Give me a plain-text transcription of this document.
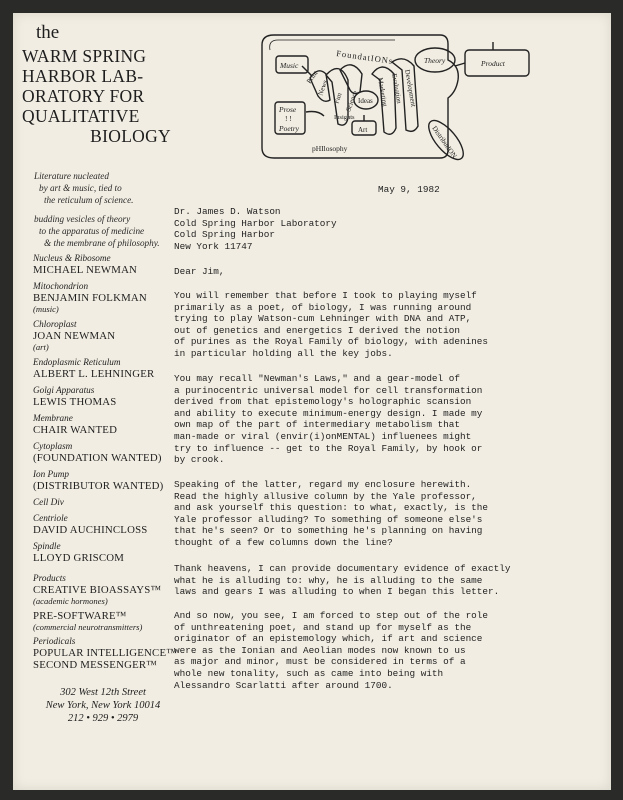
the
WARM SPRING
HARBOR LAB-
ORATORY FOR
QUALITATIVE
BIOLOGY
Literature nucleated
by art & music, tied to
the reticulum of science.
budding vesicles of theory
to the apparatus of medicine
& the membrane of philosophy.
Nucleus & Ribosome
MICHAEL NEWMAN
Mitochondrion
BENJAMIN FOLKMAN
(music)
Chloroplast
JOAN NEWMAN
(art)
Endoplasmic Reticulum
ALBERT L. LEHNINGER
Golgi Apparatus
LEWIS THOMAS
Membrane
CHAIR WANTED
Cytoplasm
(FOUNDATION WANTED)
Ion Pump
(DISTRIBUTOR WANTED)
Cell Div
Centriole
DAVID AUCHINCLOSS
Spindle
LLOYD GRISCOM
Products
CREATIVE BIOASSAYS™
(academic hormones)
PRE-SOFTWARE™
(commercial neurotransmitters)
Periodicals
POPULAR INTELLIGENCE™
SECOND MESSENGER™
302 West 12th Street
New York, New York 10014
212 • 929 • 2979
FoundatIONs
Music
Prose
! !
Poetry
Print
News
Fun Science
Insights
Ideas
Art
Marketing Evaluation Development
Theory	Product
DistributION
pHIlosophy
May 9, 1982
Dr. James D. Watson
Cold Spring Harbor Laboratory
Cold Spring Harbor
New York 11747
Dear Jim,
You will remember that before I took to playing myself
primarily as a poet, of biology, I was running around
trying to play Watson-cum Lehninger with DNA and ATP,
out of genetics and energetics I derived the notion
of purines as the Royal Family of biology, with adenines
in particular holding all the key jobs.
You may recall "Newman's Laws," and a gear-model of
a purinocentric universal model for cell transformation
derived from that epistemology's holographic scansion
and ability to execute minimum-energy design. I made my
own map of the part of intermediary metabolism that
man-made or viral (envir(i)onMENTAL) influenees might
try to influence -- get to the Royal Family, by hook or
by crook.
Speaking of the latter, regard my enclosure herewith.
Read the highly allusive column by the Yale professor,
and ask yourself this question: to what, exactly, is the
Yale professor alluding? To something of someone else's
that he's seen? Or to something he's planning on having
thought of a few columns down the line?
Thank heavens, I can provide documentary evidence of exactly
what he is alluding to: why, he is alluding to the same
laws and gears I was alluding to when I began this letter.
And so now, you see, I am forced to step out of the role
of unthreatening poet, and stand up for myself as the
originator of an epistemology which, if art and science
were as the Ionian and Aeolian modes now known to us
as major and minor, must be considered in terms of a
whole new tonality, such as came into being with
Alessandro Scarlatti after around 1700.
